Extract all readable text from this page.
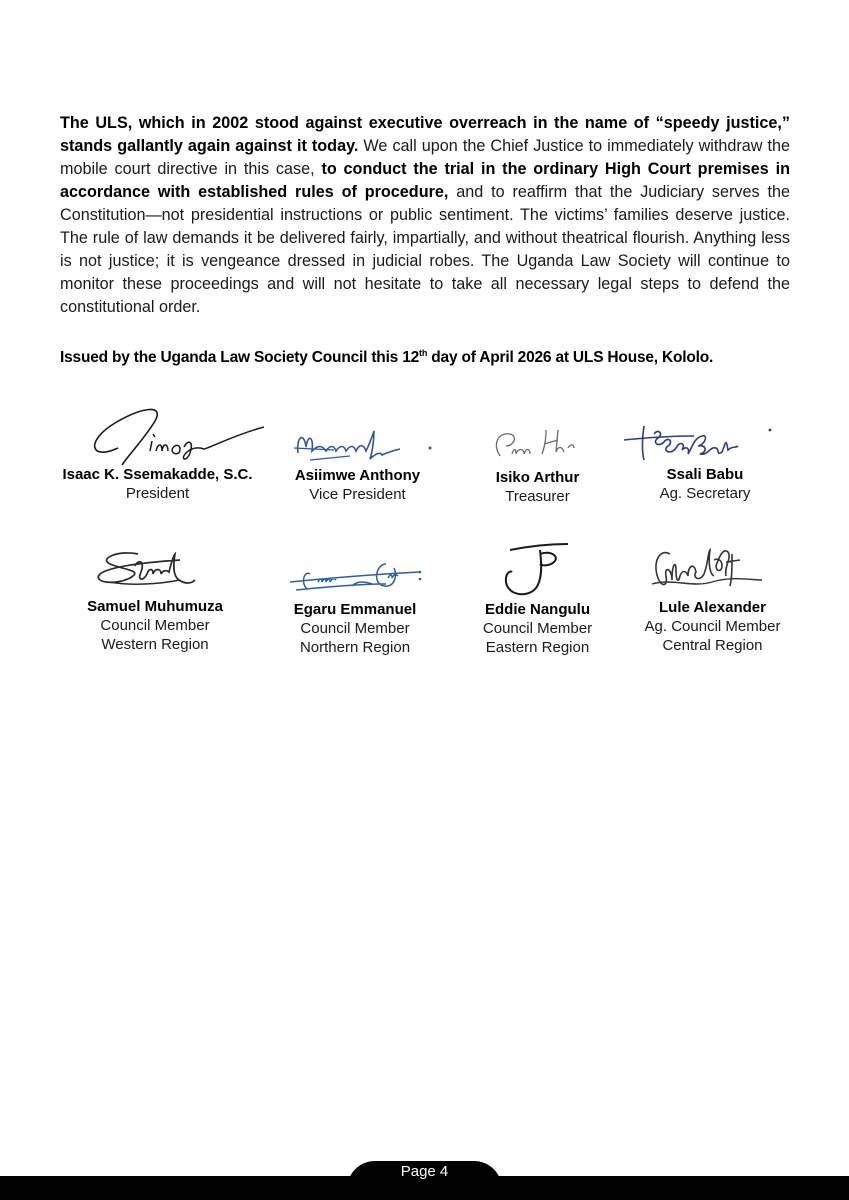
The ULS, which in 2002 stood against executive overreach in the name of “speedy justice,” stands gallantly again against it today. We call upon the Chief Justice to immediately withdraw the mobile court directive in this case, to conduct the trial in the ordinary High Court premises in accordance with established rules of procedure, and to reaffirm that the Judiciary serves the Constitution—not presidential instructions or public sentiment. The victims’ families deserve justice. The rule of law demands it be delivered fairly, impartially, and without theatrical flourish. Anything less is not justice; it is vengeance dressed in judicial robes. The Uganda Law Society will continue to monitor these proceedings and will not hesitate to take all necessary legal steps to defend the constitutional order.
Issued by the Uganda Law Society Council this 12th day of April 2026 at ULS House, Kololo.
Isaac K. Ssemakadde, S.C.
President
Asiimwe Anthony
Vice President
Isiko Arthur
Treasurer
Ssali Babu
Ag. Secretary
Samuel Muhumuza
Council Member
Western Region
Egaru Emmanuel
Council Member
Northern Region
Eddie Nangulu
Council Member
Eastern Region
Lule Alexander
Ag. Council Member
Central Region
Page 4
